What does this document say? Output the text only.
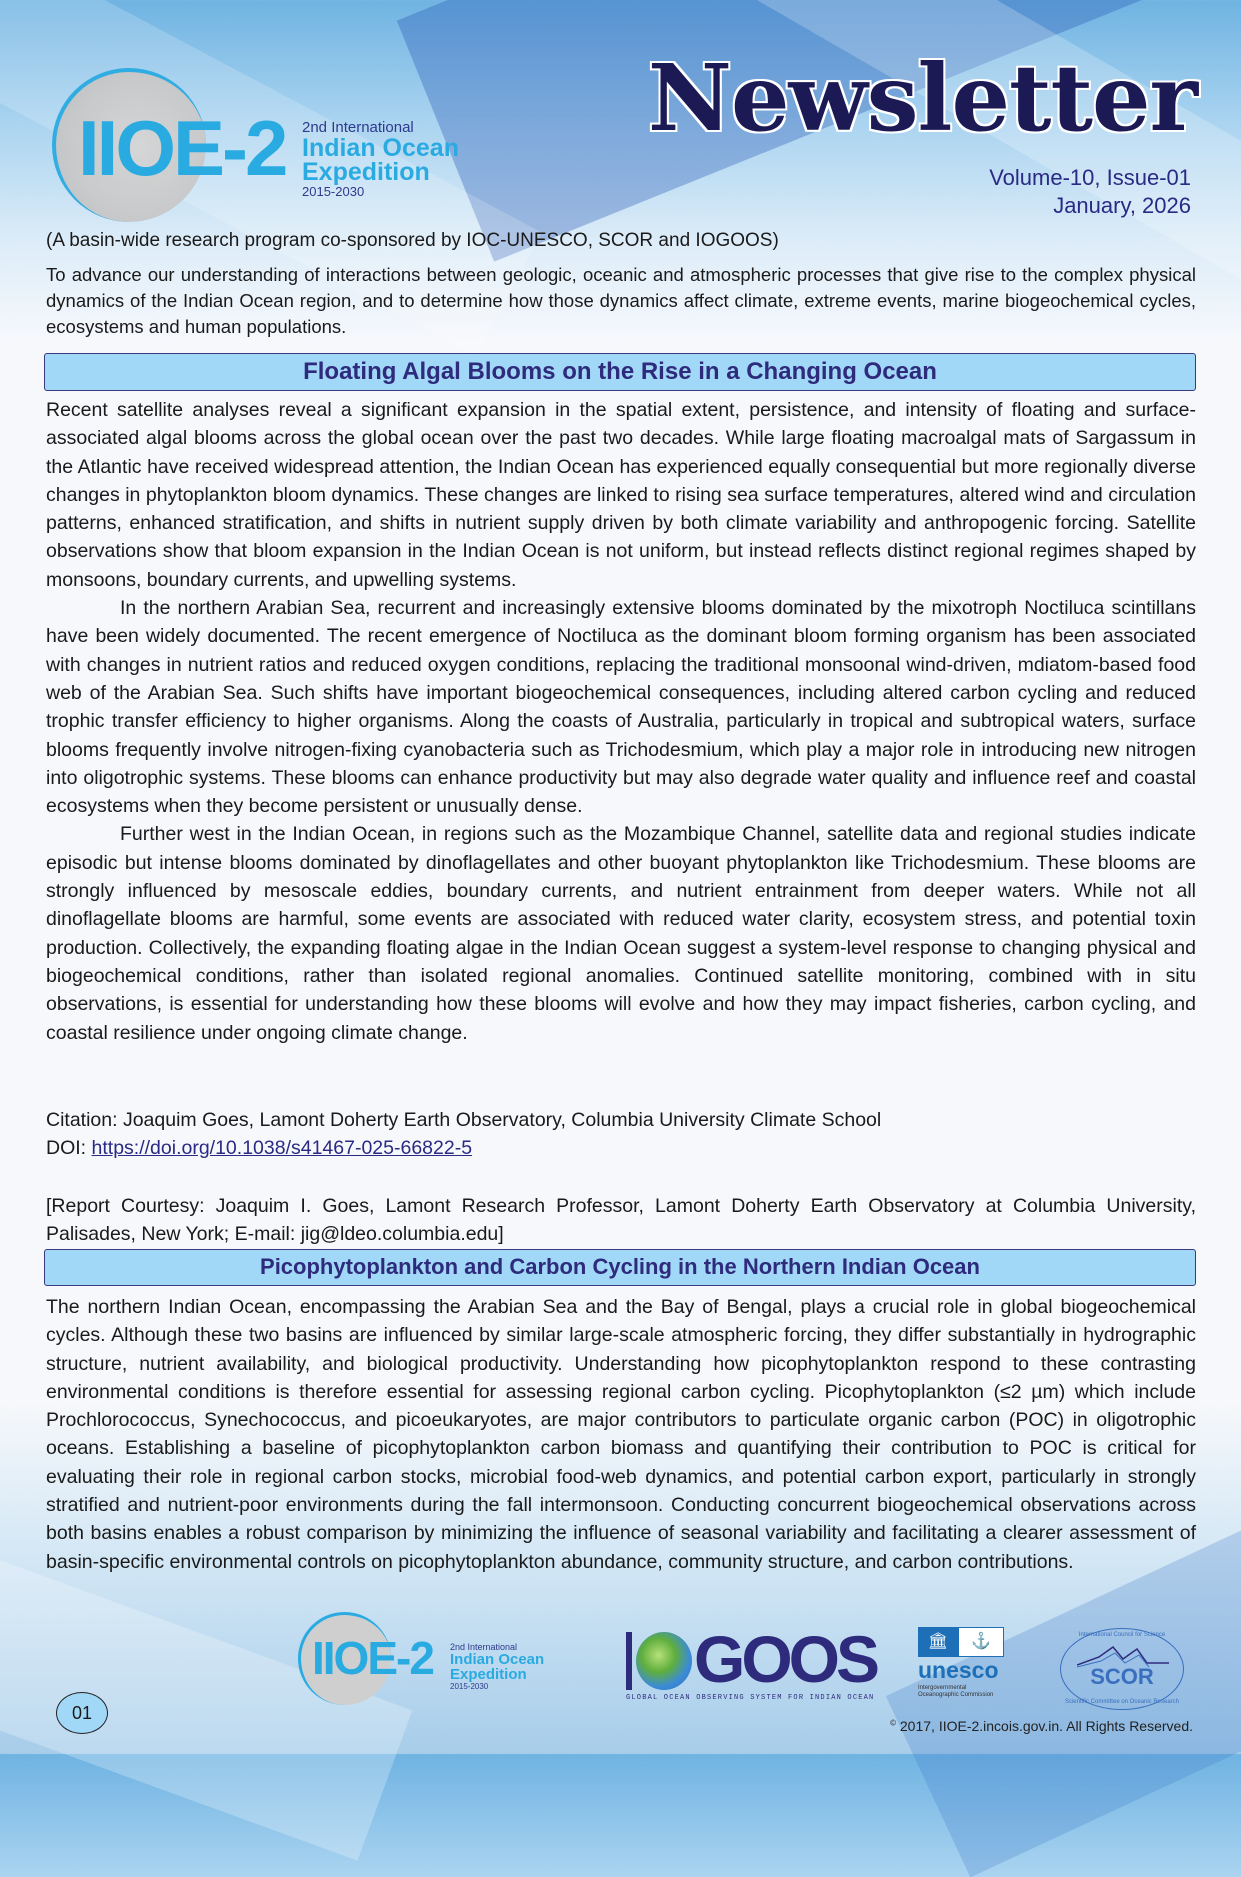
IIOE-2 2nd International
Indian Ocean
Expedition
2015-2030
Newsletter
Volume-10, Issue-01
January, 2026
(A basin-wide research program co-sponsored by IOC-UNESCO, SCOR and IOGOOS)
To advance our understanding of interactions between geologic, oceanic and atmospheric processes that give rise to the complex physical dynamics of the Indian Ocean region, and to determine how those dynamics affect climate, extreme events, marine biogeochemical cycles, ecosystems and human populations.
Floating Algal Blooms on the Rise in a Changing Ocean

Recent satellite analyses reveal a significant expansion in the spatial extent, persistence, and intensity of floating and surface-associated algal blooms across the global ocean over the past two decades. While large floating macroalgal mats of Sargassum in the Atlantic have received widespread attention, the Indian Ocean has experienced equally consequential but more regionally diverse changes in phytoplankton bloom dynamics. These changes are linked to rising sea surface temperatures, altered wind and circulation patterns, enhanced stratification, and shifts in nutrient supply driven by both climate variability and anthropogenic forcing. Satellite observations show that bloom expansion in the Indian Ocean is not uniform, but instead reflects distinct regional regimes shaped by monsoons, boundary currents, and upwelling systems.

In the northern Arabian Sea, recurrent and increasingly extensive blooms dominated by the mixotroph Noctiluca scintillans have been widely documented. The recent emergence of Noctiluca as the dominant bloom forming organism has been associated with changes in nutrient ratios and reduced oxygen conditions, replacing the traditional monsoonal wind-driven, mdiatom-based food web of the Arabian Sea. Such shifts have important biogeochemical consequences, including altered carbon cycling and reduced trophic transfer efficiency to higher organisms. Along the coasts of Australia, particularly in tropical and subtropical waters, surface blooms frequently involve nitrogen-fixing cyanobacteria such as Trichodesmium, which play a major role in introducing new nitrogen into oligotrophic systems. These blooms can enhance productivity but may also degrade water quality and influence reef and coastal ecosystems when they become persistent or unusually dense.

Further west in the Indian Ocean, in regions such as the Mozambique Channel, satellite data and regional studies indicate episodic but intense blooms dominated by dinoflagellates and other buoyant phytoplankton like Trichodesmium. These blooms are strongly influenced by mesoscale eddies, boundary currents, and nutrient entrainment from deeper waters. While not all dinoflagellate blooms are harmful, some events are associated with reduced water clarity, ecosystem stress, and potential toxin production. Collectively, the expanding floating algae in the Indian Ocean suggest a system-level response to changing physical and biogeochemical conditions, rather than isolated regional anomalies. Continued satellite monitoring, combined with in situ observations, is essential for understanding how these blooms will evolve and how they may impact fisheries, carbon cycling, and coastal resilience under ongoing climate change.

Citation: Joaquim Goes, Lamont Doherty Earth Observatory, Columbia University Climate School
DOI: https://doi.org/10.1038/s41467-025-66822-5
[Report Courtesy: Joaquim I. Goes, Lamont Research Professor, Lamont Doherty Earth Observatory at Columbia University, Palisades, New York; E-mail: jig@ldeo.columbia.edu]
Picophytoplankton and Carbon Cycling in the Northern Indian Ocean

The northern Indian Ocean, encompassing the Arabian Sea and the Bay of Bengal, plays a crucial role in global biogeochemical cycles. Although these two basins are influenced by similar large-scale atmospheric forcing, they differ substantially in hydrographic structure, nutrient availability, and biological productivity. Understanding how picophytoplankton respond to these contrasting environmental conditions is therefore essential for assessing regional carbon cycling. Picophytoplankton (≤2 µm) which include Prochlorococcus, Synechococcus, and picoeukaryotes, are major contributors to particulate organic carbon (POC) in oligotrophic oceans. Establishing a baseline of picophytoplankton carbon biomass and quantifying their contribution to POC is critical for evaluating their role in regional carbon stocks, microbial food-web dynamics, and potential carbon export, particularly in strongly stratified and nutrient-poor environments during the fall intermonsoon. Conducting concurrent biogeochemical observations across both basins enables a robust comparison by minimizing the influence of seasonal variability and facilitating a clearer assessment of basin-specific environmental controls on picophytoplankton abundance, community structure, and carbon contributions.

01
IIOE-2 2nd International
Indian Ocean
Expedition
2015-2030	GOOS
GLOBAL OCEAN OBSERVING SYSTEM FOR INDIAN OCEAN
🏛	⚓
unesco
Intergovernmental Oceanographic Commission
International Council for Science
SCOR
Scientific Committee on Oceanic Research
© 2017, IIOE-2.incois.gov.in. All Rights Reserved.
